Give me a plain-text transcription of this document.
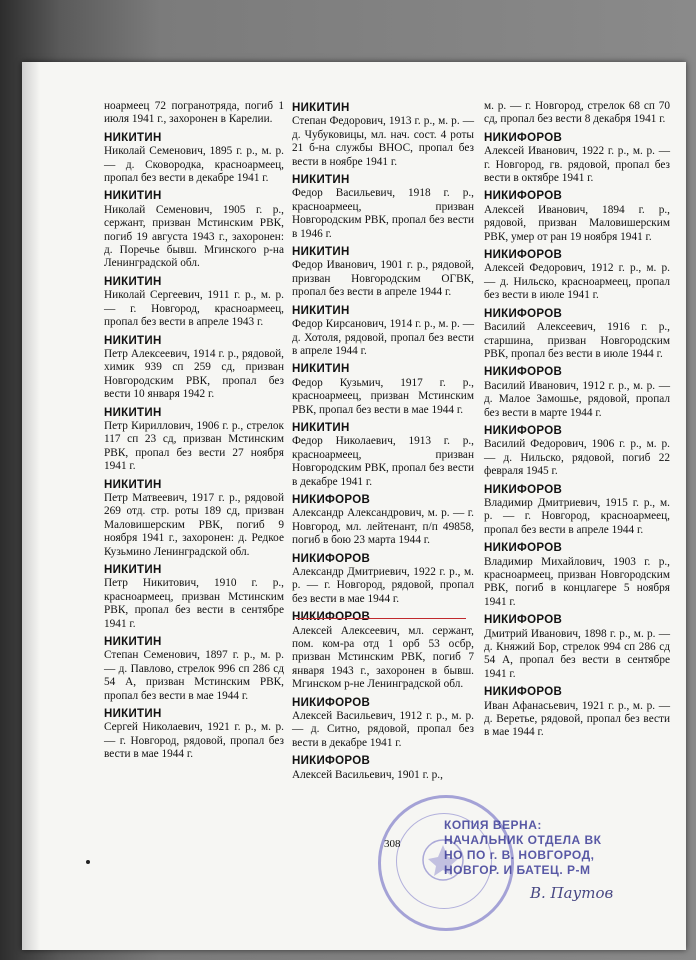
ноармеец 72 погранотряда, погиб 1 июля 1941 г., захоронен в Карелии.
НИКИТИН
Николай Семенович, 1895 г. р., м. р. — д. Сковородка, красноармеец, пропал без вести в декабре 1941 г.
НИКИТИН
Николай Семенович, 1905 г. р., сержант, призван Мстинским РВК, погиб 19 августа 1943 г., захоронен: д. Поречье бывш. Мгинского р-на Ленинградской обл.
НИКИТИН
Николай Сергеевич, 1911 г. р., м. р. — г. Новгород, красноармеец, пропал без вести в апреле 1943 г.
НИКИТИН
Петр Алексеевич, 1914 г. р., рядовой, химик 939 сп 259 сд, призван Новгородским РВК, пропал без вести 10 января 1942 г.
НИКИТИН
Петр Кириллович, 1906 г. р., стрелок 117 сп 23 сд, призван Мстинским РВК, пропал без вести 27 ноября 1941 г.
НИКИТИН
Петр Матвеевич, 1917 г. р., рядовой 269 отд. стр. роты 189 сд, призван Маловишерским РВК, погиб 9 ноября 1941 г., захоронен: д. Редкое Кузьмино Ленинградской обл.
НИКИТИН
Петр Никитович, 1910 г. р., красноармеец, призван Мстинским РВК, пропал без вести в сентябре 1941 г.
НИКИТИН
Степан Семенович, 1897 г. р., м. р. — д. Павлово, стрелок 996 сп 286 сд 54 А, призван Мстинским РВК, пропал без вести в мае 1944 г.
НИКИТИН
Сергей Николаевич, 1921 г. р., м. р. — г. Новгород, рядовой, пропал без вести в мае 1944 г.
НИКИТИН
Степан Федорович, 1913 г. р., м. р. — д. Чубуковицы, мл. нач. сост. 4 роты 21 б-на службы ВНОС, пропал без вести в ноябре 1941 г.
НИКИТИН
Федор Васильевич, 1918 г. р., красноармеец, призван Новгородским РВК, пропал без вести в 1946 г.
НИКИТИН
Федор Иванович, 1901 г. р., рядовой, призван Новгородским ОГВК, пропал без вести в апреле 1944 г.
НИКИТИН
Федор Кирсанович, 1914 г. р., м. р. — д. Хотоля, рядовой, пропал без вести в апреле 1944 г.
НИКИТИН
Федор Кузьмич, 1917 г. р., красноармеец, призван Мстинским РВК, пропал без вести в мае 1944 г.
НИКИТИН
Федор Николаевич, 1913 г. р., красноармеец, призван Новгородским РВК, пропал без вести в декабре 1941 г.
НИКИФОРОВ
Александр Александрович, м. р. — г. Новгород, мл. лейтенант, п/п 49858, погиб в бою 23 марта 1944 г.
НИКИФОРОВ
Александр Дмитриевич, 1922 г. р., м. р. — г. Новгород, рядовой, пропал без вести в мае 1944 г.
НИКИФОРОВ
Алексей Алексеевич, мл. сержант, пом. ком-ра отд 1 орб 53 осбр, призван Мстинским РВК, погиб 7 января 1943 г., захоронен в бывш. Мгинском р-не Ленинградской обл.
НИКИФОРОВ
Алексей Васильевич, 1912 г. р., м. р. — д. Ситно, рядовой, пропал без вести в декабре 1941 г.
НИКИФОРОВ
Алексей Васильевич, 1901 г. р.,
м. р. — г. Новгород, стрелок 68 сп 70 сд, пропал без вести 8 декабря 1941 г.
НИКИФОРОВ
Алексей Иванович, 1922 г. р., м. р. — г. Новгород, гв. рядовой, пропал без вести в октябре 1941 г.
НИКИФОРОВ
Алексей Иванович, 1894 г. р., рядовой, призван Маловишерским РВК, умер от ран 19 ноября 1941 г.
НИКИФОРОВ
Алексей Федорович, 1912 г. р., м. р. — д. Нильско, красноармеец, пропал без вести в июле 1941 г.
НИКИФОРОВ
Василий Алексеевич, 1916 г. р., старшина, призван Новгородским РВК, пропал без вести в июле 1944 г.
НИКИФОРОВ
Василий Иванович, 1912 г. р., м. р. — д. Малое Замошье, рядовой, пропал без вести в марте 1944 г.
НИКИФОРОВ
Василий Федорович, 1906 г. р., м. р. — д. Нильско, рядовой, погиб 22 февраля 1945 г.
НИКИФОРОВ
Владимир Дмитриевич, 1915 г. р., м. р. — г. Новгород, красноармеец, пропал без вести в апреле 1944 г.
НИКИФОРОВ
Владимир Михайлович, 1903 г. р., красноармеец, призван Новгородским РВК, погиб в концлагере 5 ноября 1941 г.
НИКИФОРОВ
Дмитрий Иванович, 1898 г. р., м. р. — д. Княжий Бор, стрелок 994 сп 286 сд 54 А, пропал без вести в сентябре 1941 г.
НИКИФОРОВ
Иван Афанасьевич, 1921 г. р., м. р. — д. Веретье, рядовой, пропал без вести в мае 1944 г.
308
КОПИЯ ВЕРНА:
НАЧАЛЬНИК ОТДЕЛА ВК
НО ПО г. В. НОВГОРОД,
НОВГОР. И БАТЕЦ. Р-М
В. Паутов
